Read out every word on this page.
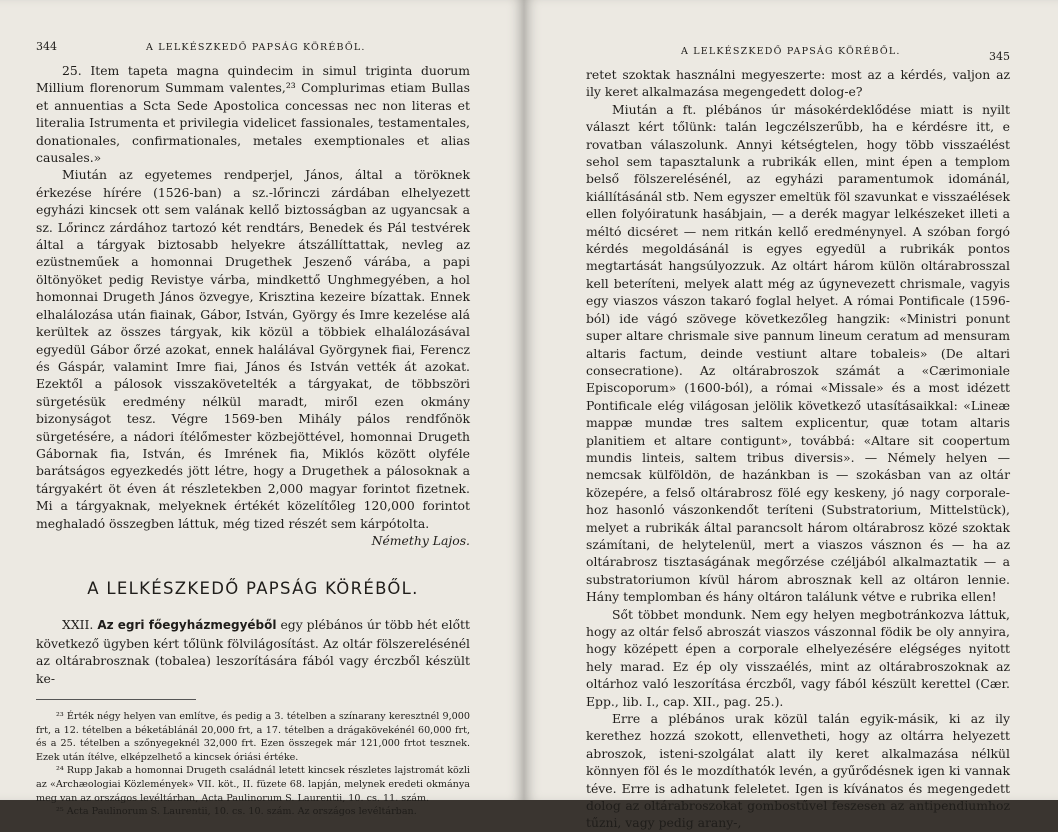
344	A LELKÉSZKEDŐ PAPSÁG KÖRÉBŐL.

25. Item tapeta magna quindecim in simul triginta duorum Millium florenorum Summam valentes,²³ Complurimas etiam Bullas et annuentias a Scta Sede Apostolica concessas nec non literas et literalia Istrumenta et privilegia videlicet fassionales, testamentales, donationales, confirmationales, metales exemptionales et alias causales.»

Miután az egyetemes rendperjel, János, által a töröknek érkezése hírére (1526-ban) a sz.-lőrinczi zárdában elhelyezett egyházi kincsek ott sem valának kellő biztosságban az ugyancsak a sz. Lőrincz zárdához tartozó két rendtárs, Benedek és Pál testvérek által a tárgyak biztosabb helyekre átszállíttattak, nevleg az ezüstneműek a homonnai Drugethek Jeszenő várába, a papi öltönyöket pedig Revistye várba, mindkettő Unghmegyében, a hol homonnai Drugeth János özvegye, Krisztina kezeire bízattak. Ennek elhalálozása után fiainak, Gábor, István, György és Imre kezelése alá kerültek az összes tárgyak, kik közül a többiek elhalálozásával egyedül Gábor őrzé azokat, ennek halálával Györgynek fiai, Ferencz és Gáspár, valamint Imre fiai, János és István vették át azokat. Ezektől a pálosok visszakövetelték a tárgyakat, de többszöri sürgetésük eredmény nélkül maradt, miről ezen okmány bizonyságot tesz. Végre 1569-ben Mihály pálos rendfőnök sürgetésére, a nádori ítélőmester közbejöttével, homonnai Drugeth Gábornak fia, István, és Imrének fia, Miklós között olyféle barátságos egyezkedés jött létre, hogy a Drugethek a pálosoknak a tárgyakért öt éven át részletekben 2,000 magyar forintot fizetnek. Mi a tárgyaknak, melyeknek értékét közelítőleg 120,000 forintot meghaladó összegben láttuk, még tized részét sem kárpótolta.

Némethy Lajos.
A LELKÉSZKEDŐ PAPSÁG KÖRÉBŐL.

XXII. Az egri főegyházmegyéből egy plébános úr több hét előtt következő ügyben kért tőlünk fölvilágosítást. Az oltár fölszerelésénél az oltárabrosznak (tobalea) leszorítására fából vagy érczből készült ke-

²³ Érték négy helyen van említve, és pedig a 3. tételben a színarany keresztnél 9,000 frt, a 12. tételben a béketáblánál 20,000 frt, a 17. tételben a drágakövekénél 60,000 frt, és a 25. tételben a szőnyegeknél 32,000 frt. Ezen összegek már 121,000 frtot tesznek. Ezek után ítélve, elképzelhető a kincsek óriási értéke.

²⁴ Rupp Jakab a homonnai Drugeth családnál letett kincsek részletes lajstromát közli az «Archæologiai Közlemények» VII. köt., II. füzete 68. lapján, melynek eredeti okmánya meg van az országos levéltárban, Acta Paulinorum S. Laurentii, 10. cs. 11. szám.

²⁵ Acta Paulinorum S. Laurentii, 10. cs. 10. szám. Az országos levéltárban.

A LELKÉSZKEDŐ PAPSÁG KÖRÉBŐL.	345

retet szoktak használni megyeszerte: most az a kérdés, valjon az ily keret alkalmazása megengedett dolog-e?

Miután a ft. plébános úr másokérdeklődése miatt is nyilt választ kért tőlünk: talán legczélszerűbb, ha e kérdésre itt, e rovatban válaszolunk. Annyi kétségtelen, hogy több visszaélést sehol sem tapasztalunk a rubrikák ellen, mint épen a templom belső fölszerelésénél, az egyházi paramentumok idománál, kiállításánál stb. Nem egyszer emeltük föl szavunkat e visszaélések ellen folyóiratunk hasábjain, — a derék magyar lelkészeket illeti a méltó dicséret — nem ritkán kellő eredménynyel. A szóban forgó kérdés megoldásánál is egyes egyedül a rubrikák pontos megtartását hangsúlyozzuk. Az oltárt három külön oltárabrosszal kell beteríteni, melyek alatt még az úgynevezett chrismale, vagyis egy viaszos vászon takaró foglal helyet. A római Pontificale (1596-ból) ide vágó szövege következőleg hangzik: «Ministri ponunt super altare chrismale sive pannum lineum ceratum ad mensuram altaris factum, deinde vestiunt altare tobaleis» (De altari consecratione). Az oltárabroszok számát a «Cærimoniale Episcoporum» (1600-ból), a római «Missale» és a most idézett Pontificale elég világosan jelölik következő utasításaikkal: «Lineæ mappæ mundæ tres saltem explicentur, quæ totam altaris planitiem et altare contigunt», továbbá: «Altare sit coopertum mundis linteis, saltem tribus diversis». — Némely helyen — nemcsak külföldön, de hazánkban is — szokásban van az oltár közepére, a felső oltárabrosz fölé egy keskeny, jó nagy corporale-hoz hasonló vászonkendőt teríteni (Substratorium, Mittelstück), melyet a rubrikák által parancsolt három oltárabrosz közé szoktak számítani, de helytelenül, mert a viaszos vásznon és — ha az oltárabrosz tisztaságának megőrzése czéljából alkalmaztatik — a substratoriumon kívül három abrosznak kell az oltáron lennie. Hány templomban és hány oltáron találunk vétve e rubrika ellen!

Sőt többet mondunk. Nem egy helyen megbotránkozva láttuk, hogy az oltár felső abroszát viaszos vászonnal födik be oly annyira, hogy középett épen a corporale elhelyezésére elégséges nyitott hely marad. Ez ép oly visszaélés, mint az oltárabroszoknak az oltárhoz való leszorítása érczből, vagy fából készült kerettel (Cær. Epp., lib. I., cap. XII., pag. 25.).

Erre a plébános urak közül talán egyik-másik, ki az ily kerethez hozzá szokott, ellenvetheti, hogy az oltárra helyezett abroszok, isteni-szolgálat alatt ily keret alkalmazása nélkül könnyen föl és le mozdíthatók levén, a gyűrődésnek igen ki vannak téve. Erre is adhatunk feleletet. Igen is kívánatos és megengedett dolog az oltárabroszokat gombostűvel feszesen az antipendiumhoz tűzni, vagy pedig arany-,
